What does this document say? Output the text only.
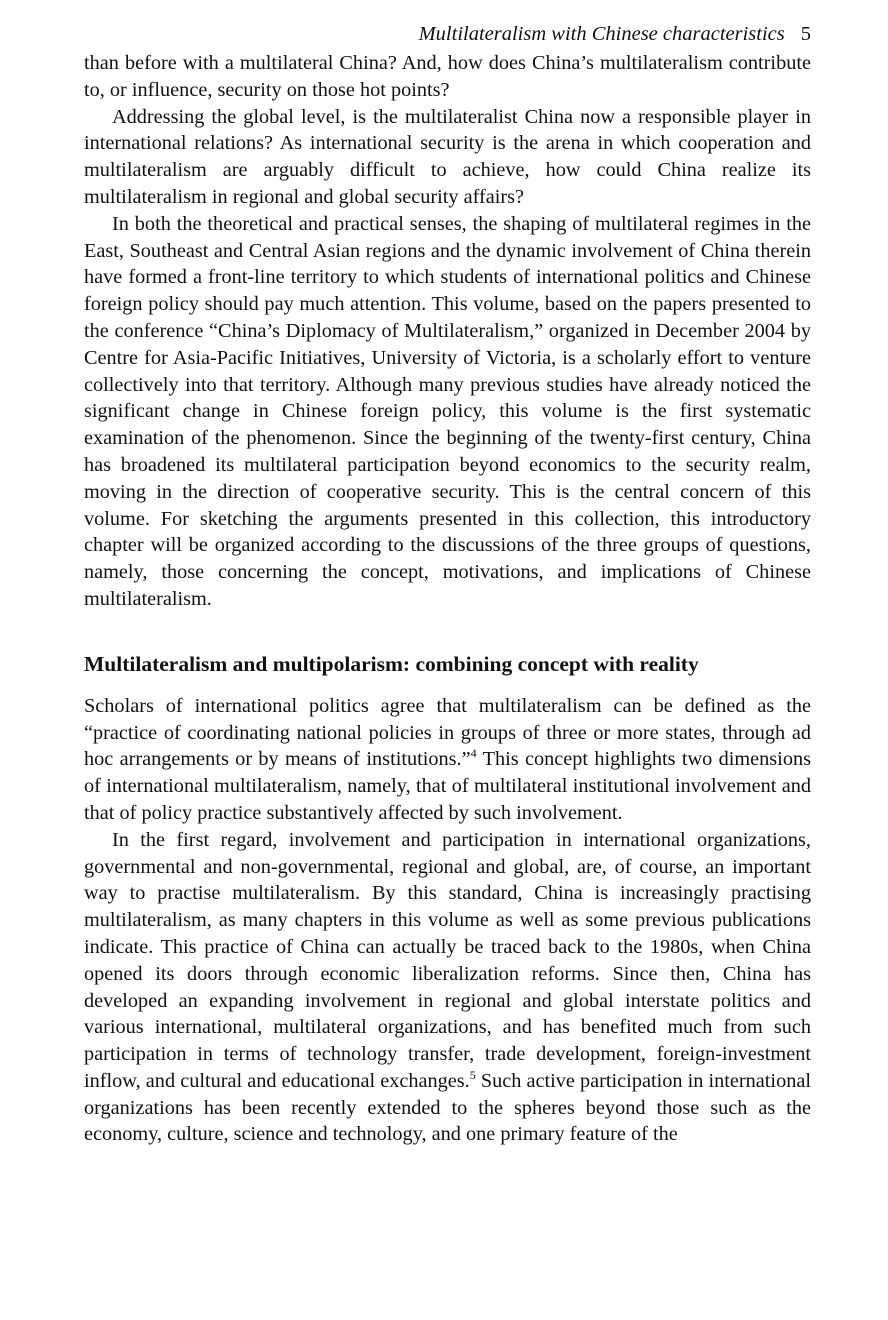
Multilateralism with Chinese characteristics 5

than before with a multilateral China? And, how does China’s multilateralism contribute to, or influence, security on those hot points?

Addressing the global level, is the multilateralist China now a responsible player in international relations? As international security is the arena in which cooperation and multilateralism are arguably difficult to achieve, how could China realize its multilateralism in regional and global security affairs?

In both the theoretical and practical senses, the shaping of multilateral regimes in the East, Southeast and Central Asian regions and the dynamic involvement of China therein have formed a front-line territory to which students of international politics and Chinese foreign policy should pay much attention. This volume, based on the papers presented to the conference “China’s Diplomacy of Multilateralism,” organized in December 2004 by Centre for Asia-Pacific Initiatives, University of Victoria, is a scholarly effort to venture collectively into that territory. Although many previous studies have already noticed the significant change in Chinese foreign policy, this volume is the first systematic examination of the phenomenon. Since the beginning of the twenty-first century, China has broadened its multilateral participation beyond economics to the security realm, moving in the direction of cooperative security. This is the central concern of this volume. For sketching the arguments presented in this collection, this introductory chapter will be organized according to the discussions of the three groups of questions, namely, those concerning the concept, motivations, and implications of Chinese multilateralism.

Multilateralism and multipolarism: combining concept with reality

Scholars of international politics agree that multilateralism can be defined as the “practice of coordinating national policies in groups of three or more states, through ad hoc arrangements or by means of institutions.”$^4$ This concept highlights two dimensions of international multilateralism, namely, that of multilateral institutional involvement and that of policy practice substantively affected by such involvement.

In the first regard, involvement and participation in international organizations, governmental and non-governmental, regional and global, are, of course, an important way to practise multilateralism. By this standard, China is increasingly practising multilateralism, as many chapters in this volume as well as some previous publications indicate. This practice of China can actually be traced back to the 1980s, when China opened its doors through economic liberalization reforms. Since then, China has developed an expanding involvement in regional and global interstate politics and various international, multilateral organizations, and has benefited much from such participation in terms of technology transfer, trade development, foreign-investment inflow, and cultural and educational exchanges.$^5$ Such active participation in international organizations has been recently extended to the spheres beyond those such as the economy, culture, science and technology, and one primary feature of the
